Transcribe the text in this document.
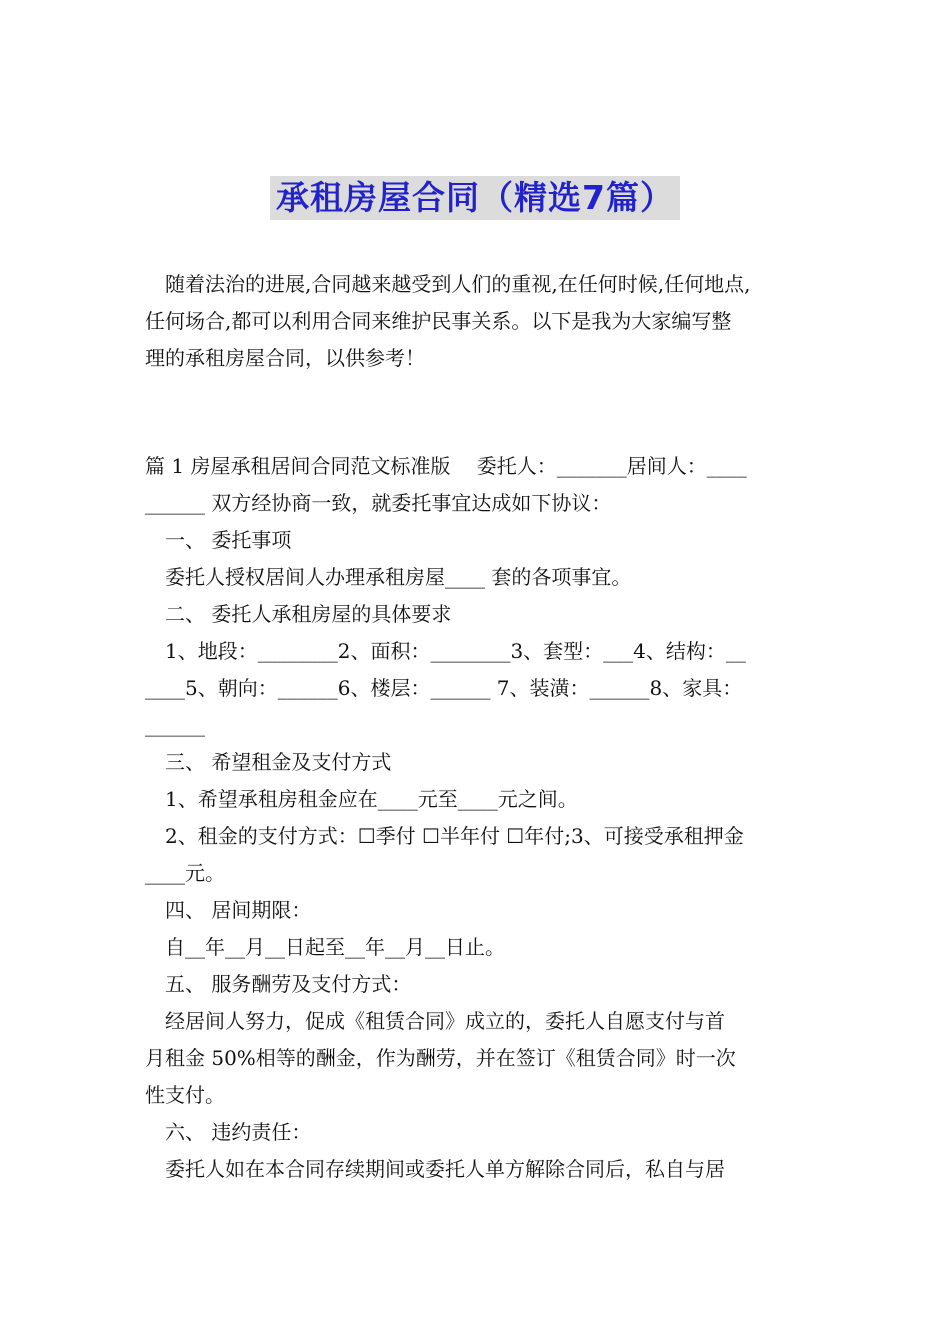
承租房屋合同（精选7篇）

随着法治的进展,合同越来越受到人们的重视,在任何时候,任何地点,

任何场合,都可以利用合同来维护民事关系。以下是我为大家编写整

理的承租房屋合同，以供参考！

篇 1 房屋承租居间合同范文标准版　 委托人：_______居间人：____

______ 双方经协商一致，就委托事宜达成如下协议：

一、 委托事项

委托人授权居间人办理承租房屋____ 套的各项事宜。

二、 委托人承租房屋的具体要求

1、地段：________2、面积：________3、套型：___4、结构：__

____5、朝向：______6、楼层：______ 7、装潢：______8、家具：

______

三、 希望租金及支付方式

1、希望承租房租金应在____元至____元之间。

2、租金的支付方式：☐季付 ☐半年付 ☐年付;3、可接受承租押金

____元。

四、 居间期限：

自__年__月__日起至__年__月__日止。

五、 服务酬劳及支付方式：

经居间人努力，促成《租赁合同》成立的，委托人自愿支付与首

月租金 50%相等的酬金，作为酬劳，并在签订《租赁合同》时一次

性支付。

六、 违约责任：

委托人如在本合同存续期间或委托人单方解除合同后，私自与居
